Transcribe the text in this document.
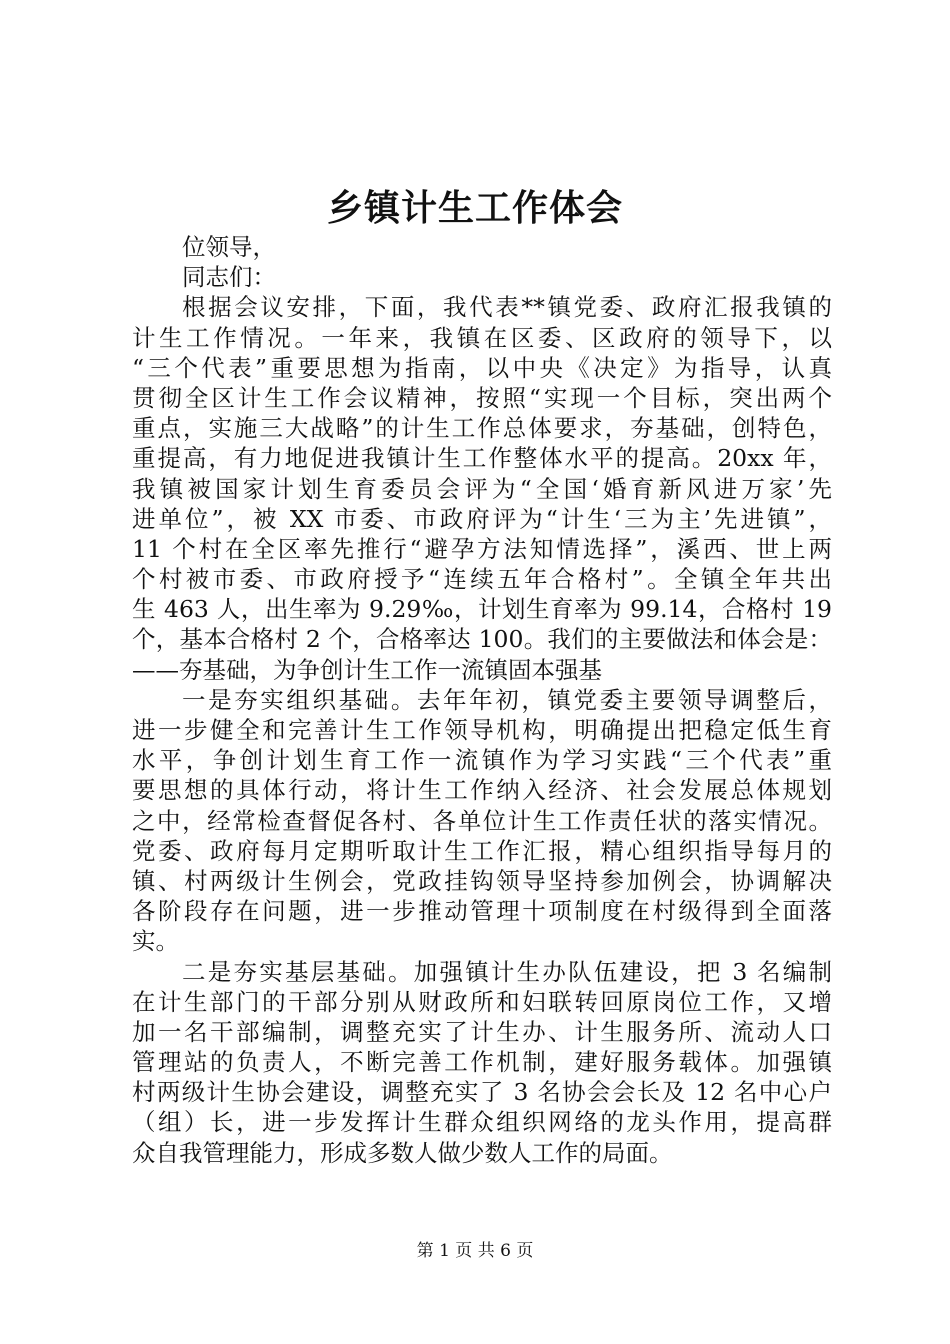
乡镇计生工作体会
位领导，
同志们：
根据会议安排，下面，我代表**镇党委、政府汇报我镇的
计生工作情况。一年来，我镇在区委、区政府的领导下，以
“三个代表”重要思想为指南，以中央《决定》为指导，认真
贯彻全区计生工作会议精神，按照“实现一个目标，突出两个
重点，实施三大战略”的计生工作总体要求，夯基础，创特色，
重提高，有力地促进我镇计生工作整体水平的提高。20xx 年，
我镇被国家计划生育委员会评为“全国‘婚育新风进万家’先
进单位”，被 XX 市委、市政府评为“计生‘三为主’先进镇”，
11 个村在全区率先推行“避孕方法知情选择”，溪西、世上两
个村被市委、市政府授予“连续五年合格村”。全镇全年共出
生 463 人，出生率为 9.29‰，计划生育率为 99.14，合格村 19
个，基本合格村 2 个，合格率达 100。我们的主要做法和体会是：
——夯基础，为争创计生工作一流镇固本强基
一是夯实组织基础。去年年初，镇党委主要领导调整后，
进一步健全和完善计生工作领导机构，明确提出把稳定低生育
水平，争创计划生育工作一流镇作为学习实践“三个代表”重
要思想的具体行动，将计生工作纳入经济、社会发展总体规划
之中，经常检查督促各村、各单位计生工作责任状的落实情况。
党委、政府每月定期听取计生工作汇报，精心组织指导每月的
镇、村两级计生例会，党政挂钩领导坚持参加例会，协调解决
各阶段存在问题，进一步推动管理十项制度在村级得到全面落
实。
二是夯实基层基础。加强镇计生办队伍建设，把 3 名编制
在计生部门的干部分别从财政所和妇联转回原岗位工作，又增
加一名干部编制，调整充实了计生办、计生服务所、流动人口
管理站的负责人，不断完善工作机制，建好服务载体。加强镇
村两级计生协会建设，调整充实了 3 名协会会长及 12 名中心户
（组）长，进一步发挥计生群众组织网络的龙头作用，提高群
众自我管理能力，形成多数人做少数人工作的局面。
第 1 页 共 6 页
